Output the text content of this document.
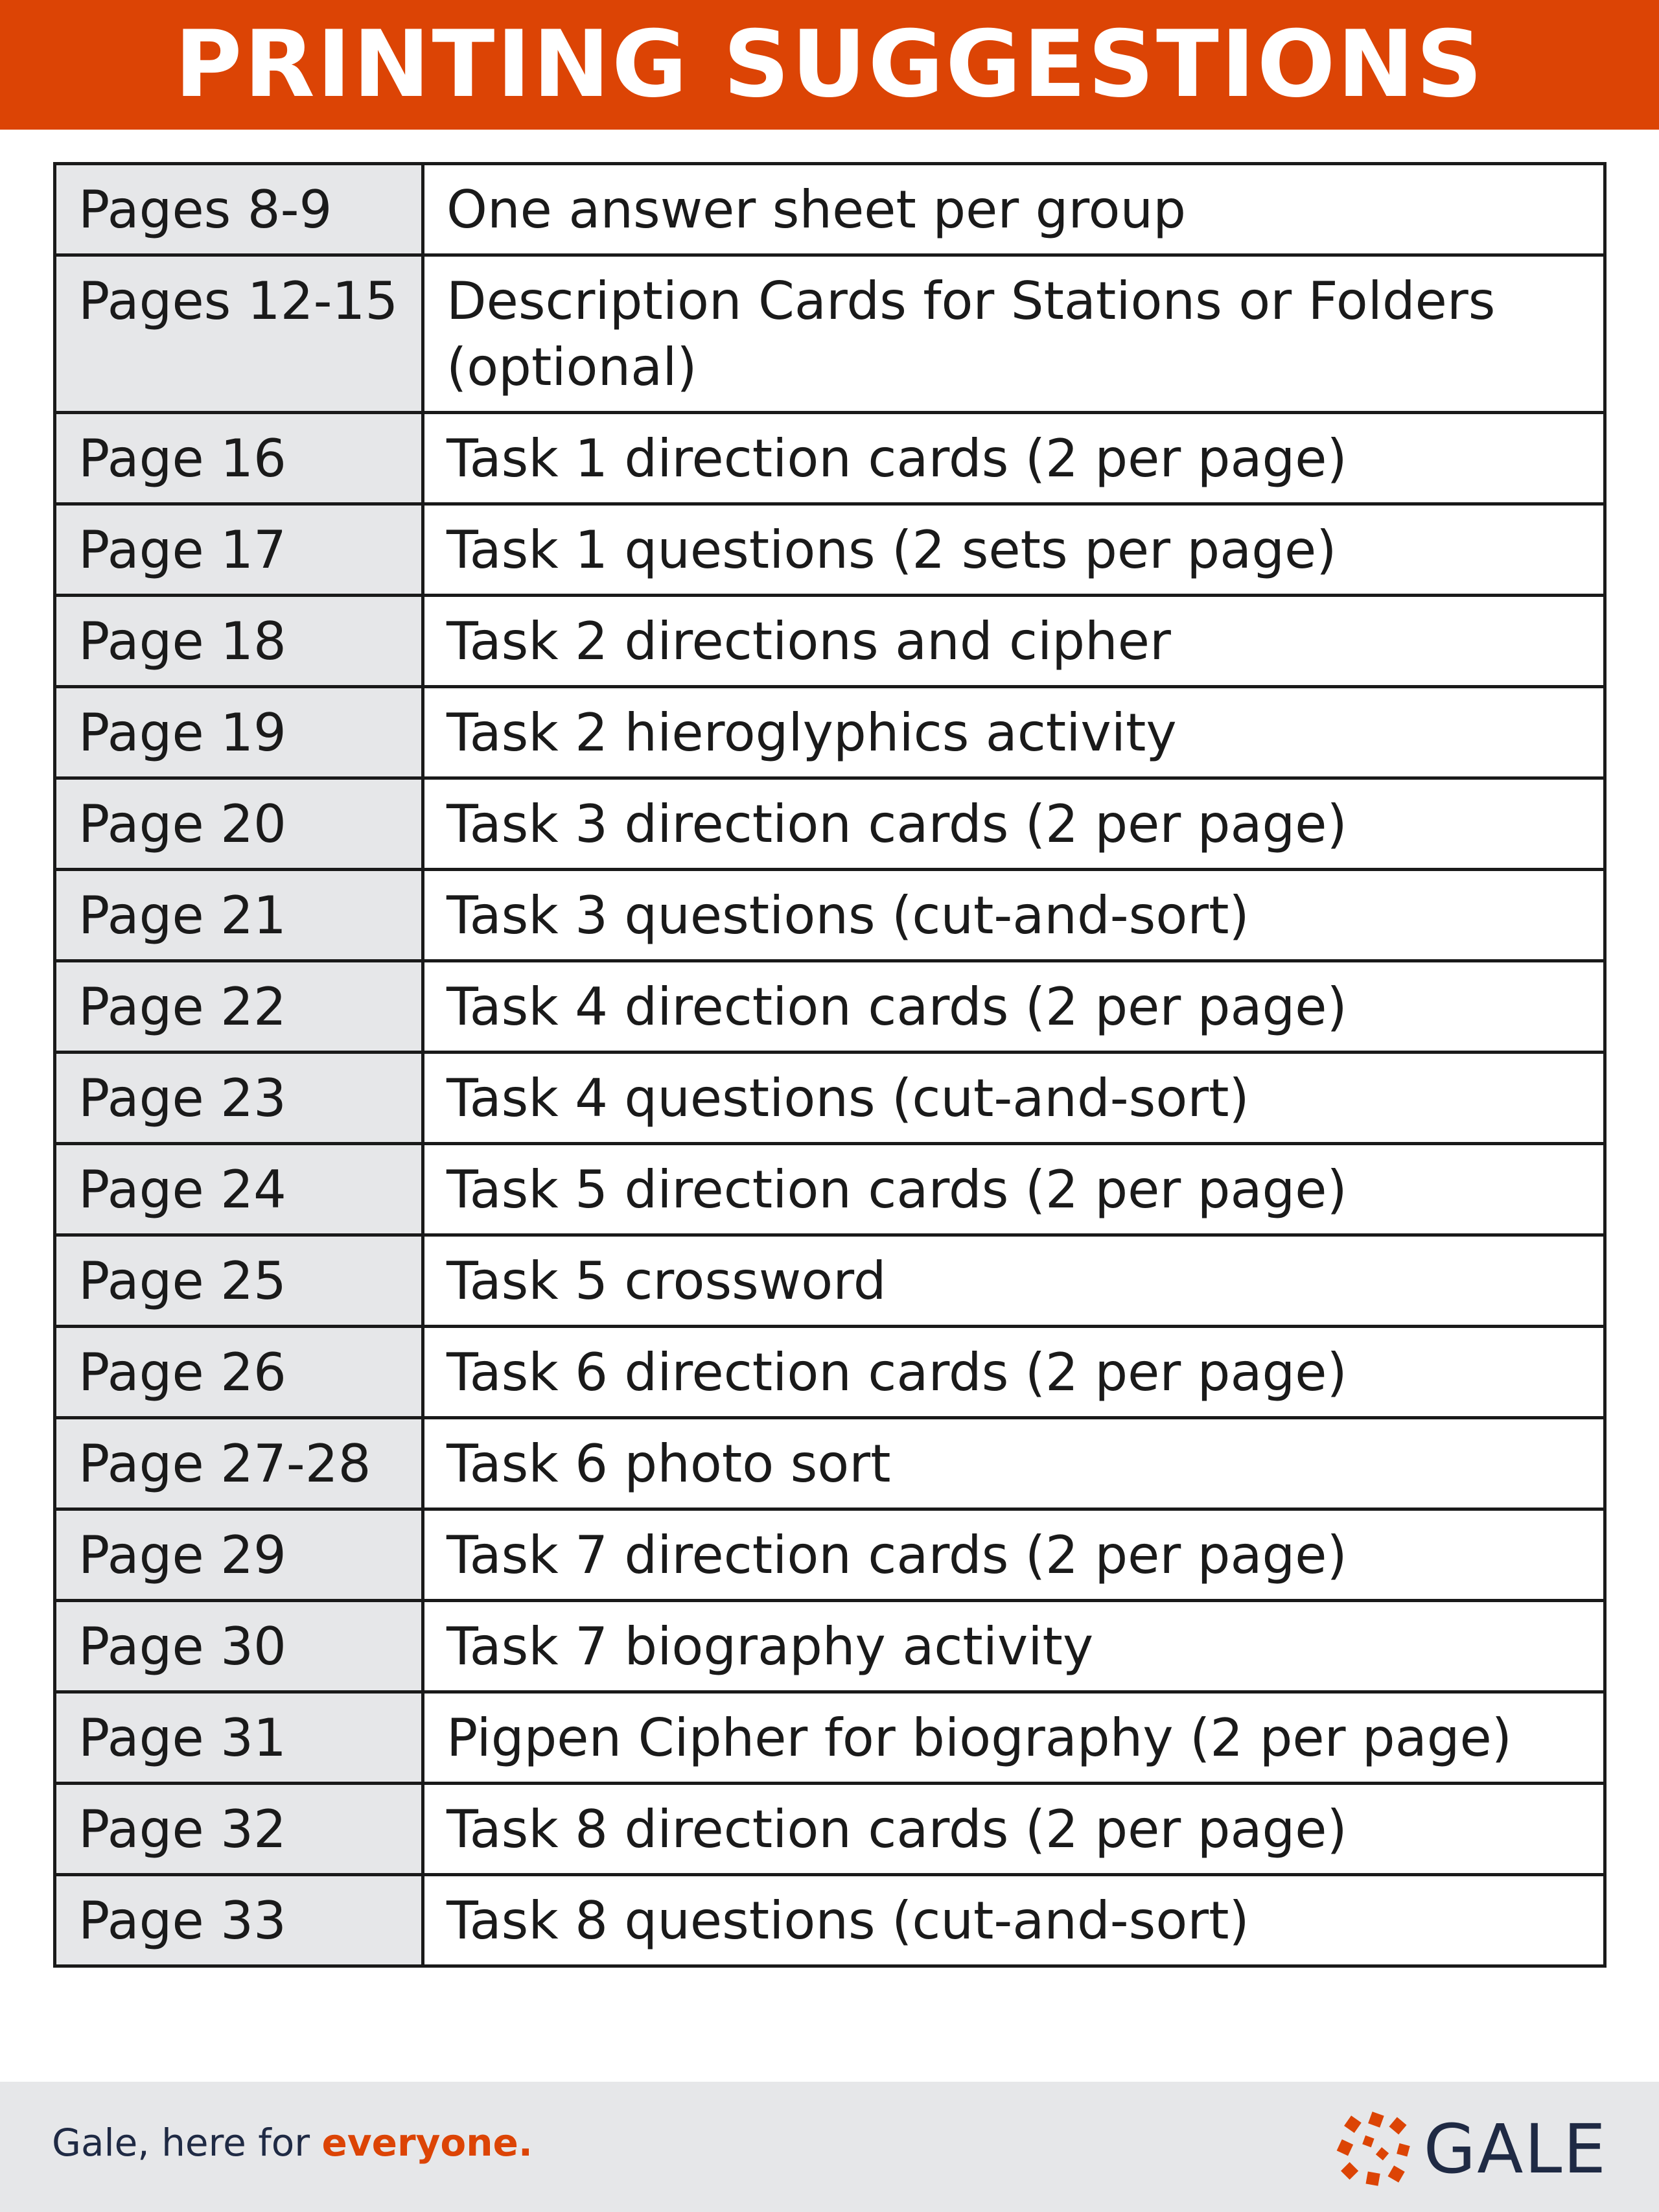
PRINTING SUGGESTIONS
Pages 8-9	One answer sheet per group
Pages 12-15	Description Cards for Stations or Folders (optional)
Page 16	Task 1 direction cards (2 per page)
Page 17	Task 1 questions (2 sets per page)
Page 18	Task 2 directions and cipher
Page 19	Task 2 hieroglyphics activity
Page 20	Task 3 direction cards (2 per page)
Page 21	Task 3 questions (cut-and-sort)
Page 22	Task 4 direction cards (2 per page)
Page 23	Task 4 questions (cut-and-sort)
Page 24	Task 5 direction cards (2 per page)
Page 25	Task 5 crossword
Page 26	Task 6 direction cards (2 per page)
Page 27-28	Task 6 photo sort
Page 29	Task 7 direction cards (2 per page)
Page 30	Task 7 biography activity
Page 31	Pigpen Cipher for biography (2 per page)
Page 32	Task 8 direction cards (2 per page)
Page 33	Task 8 questions (cut-and-sort)
Gale, here for everyone.	GALE
